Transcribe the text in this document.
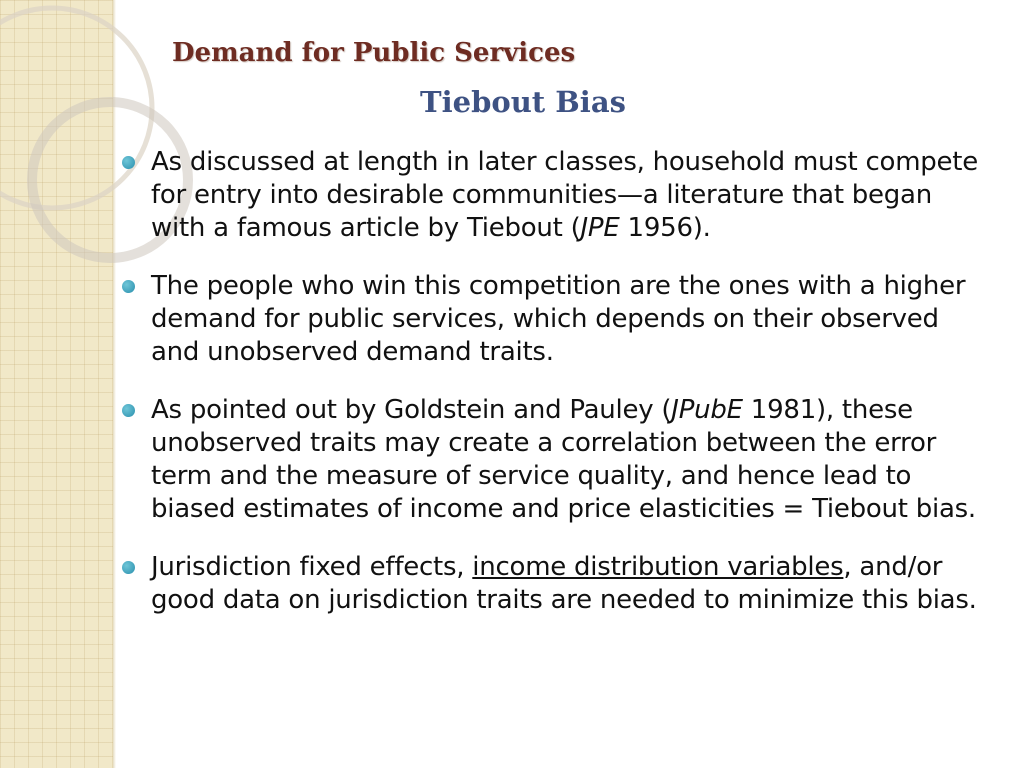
Demand for Public Services
Tiebout Bias
As discussed at length in later classes, household must compete for entry into desirable communities—a literature that began with a famous article by Tiebout (JPE 1956).
The people who win this competition are the ones with a higher demand for public services, which depends on their observed and unobserved demand traits.
As pointed out by Goldstein and Pauley (JPubE 1981), these unobserved traits may create a correlation between the error term and the measure of service quality, and hence lead to biased estimates of income and price elasticities = Tiebout bias.
Jurisdiction fixed effects, income distribution variables, and/or good data on jurisdiction traits are needed to minimize this bias.
